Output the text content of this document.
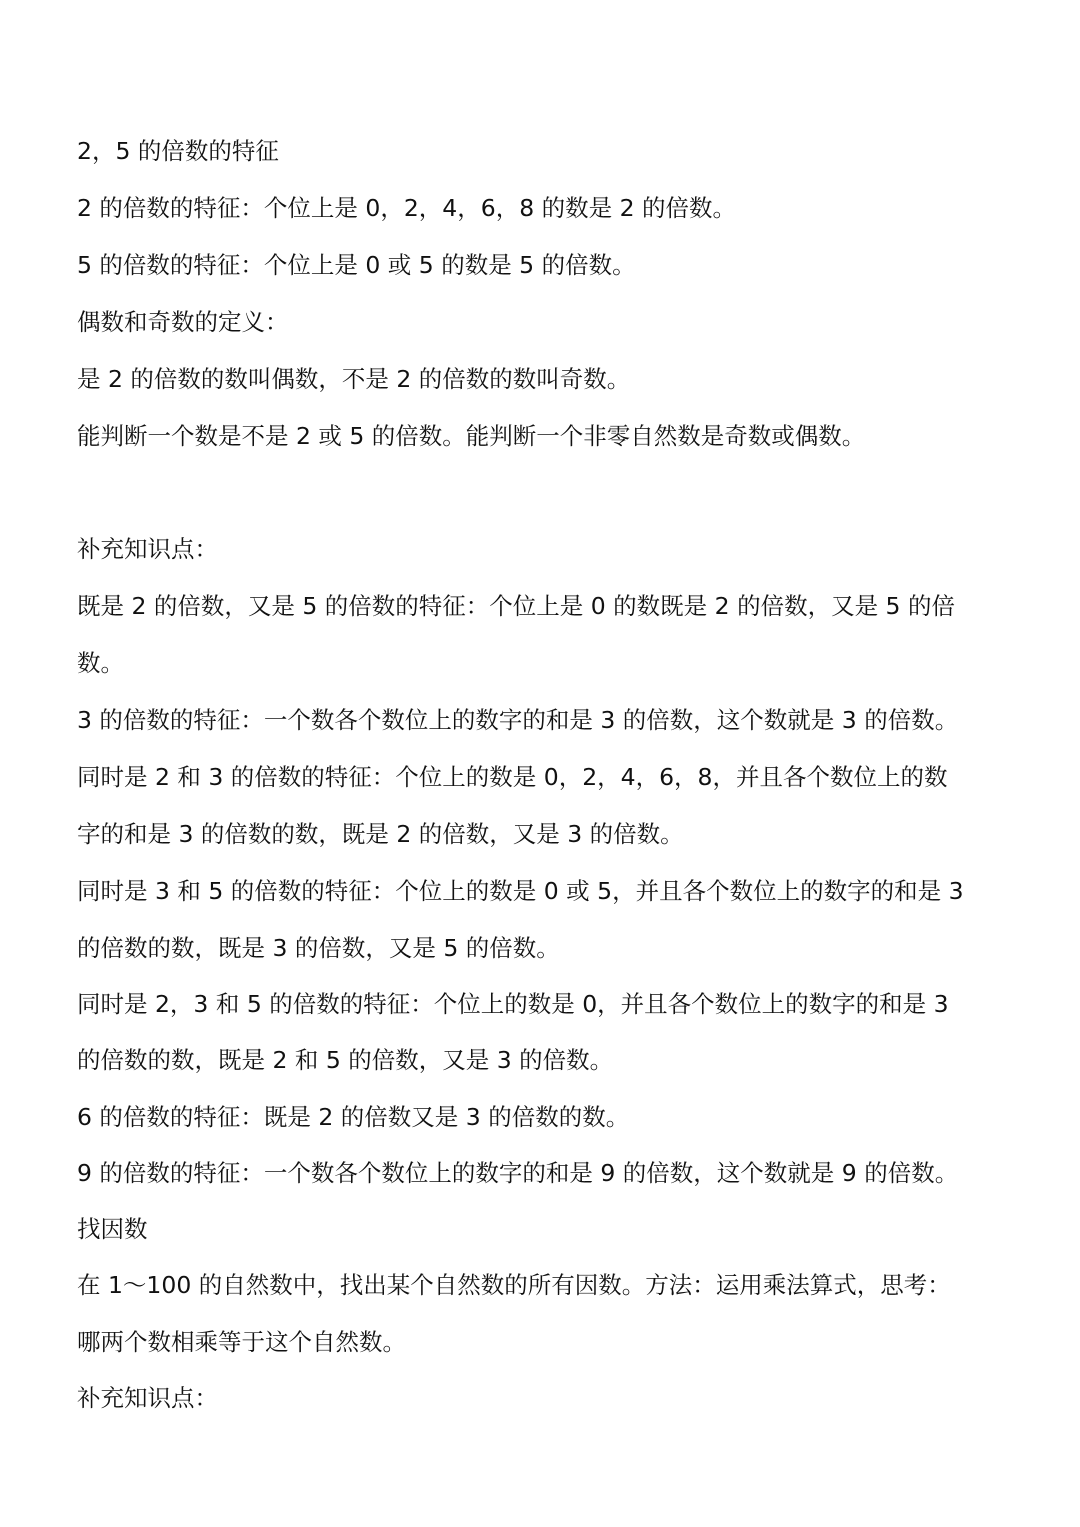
2，5 的倍数的特征
2 的倍数的特征：个位上是 0，2，4，6，8 的数是 2 的倍数。
5 的倍数的特征：个位上是 0 或 5 的数是 5 的倍数。
偶数和奇数的定义：
是 2 的倍数的数叫偶数，不是 2 的倍数的数叫奇数。
能判断一个数是不是 2 或 5 的倍数。能判断一个非零自然数是奇数或偶数。
补充知识点：
既是 2 的倍数，又是 5 的倍数的特征：个位上是 0 的数既是 2 的倍数，又是 5 的倍
数。
3 的倍数的特征：一个数各个数位上的数字的和是 3 的倍数，这个数就是 3 的倍数。
同时是 2 和 3 的倍数的特征：个位上的数是 0，2，4，6，8，并且各个数位上的数
字的和是 3 的倍数的数，既是 2 的倍数，又是 3 的倍数。
同时是 3 和 5 的倍数的特征：个位上的数是 0 或 5，并且各个数位上的数字的和是 3
的倍数的数，既是 3 的倍数，又是 5 的倍数。
同时是 2，3 和 5 的倍数的特征：个位上的数是 0，并且各个数位上的数字的和是 3
的倍数的数，既是 2 和 5 的倍数，又是 3 的倍数。
6 的倍数的特征：既是 2 的倍数又是 3 的倍数的数。
9 的倍数的特征：一个数各个数位上的数字的和是 9 的倍数，这个数就是 9 的倍数。
找因数
在 1～100 的自然数中，找出某个自然数的所有因数。方法：运用乘法算式，思考：
哪两个数相乘等于这个自然数。
补充知识点：
